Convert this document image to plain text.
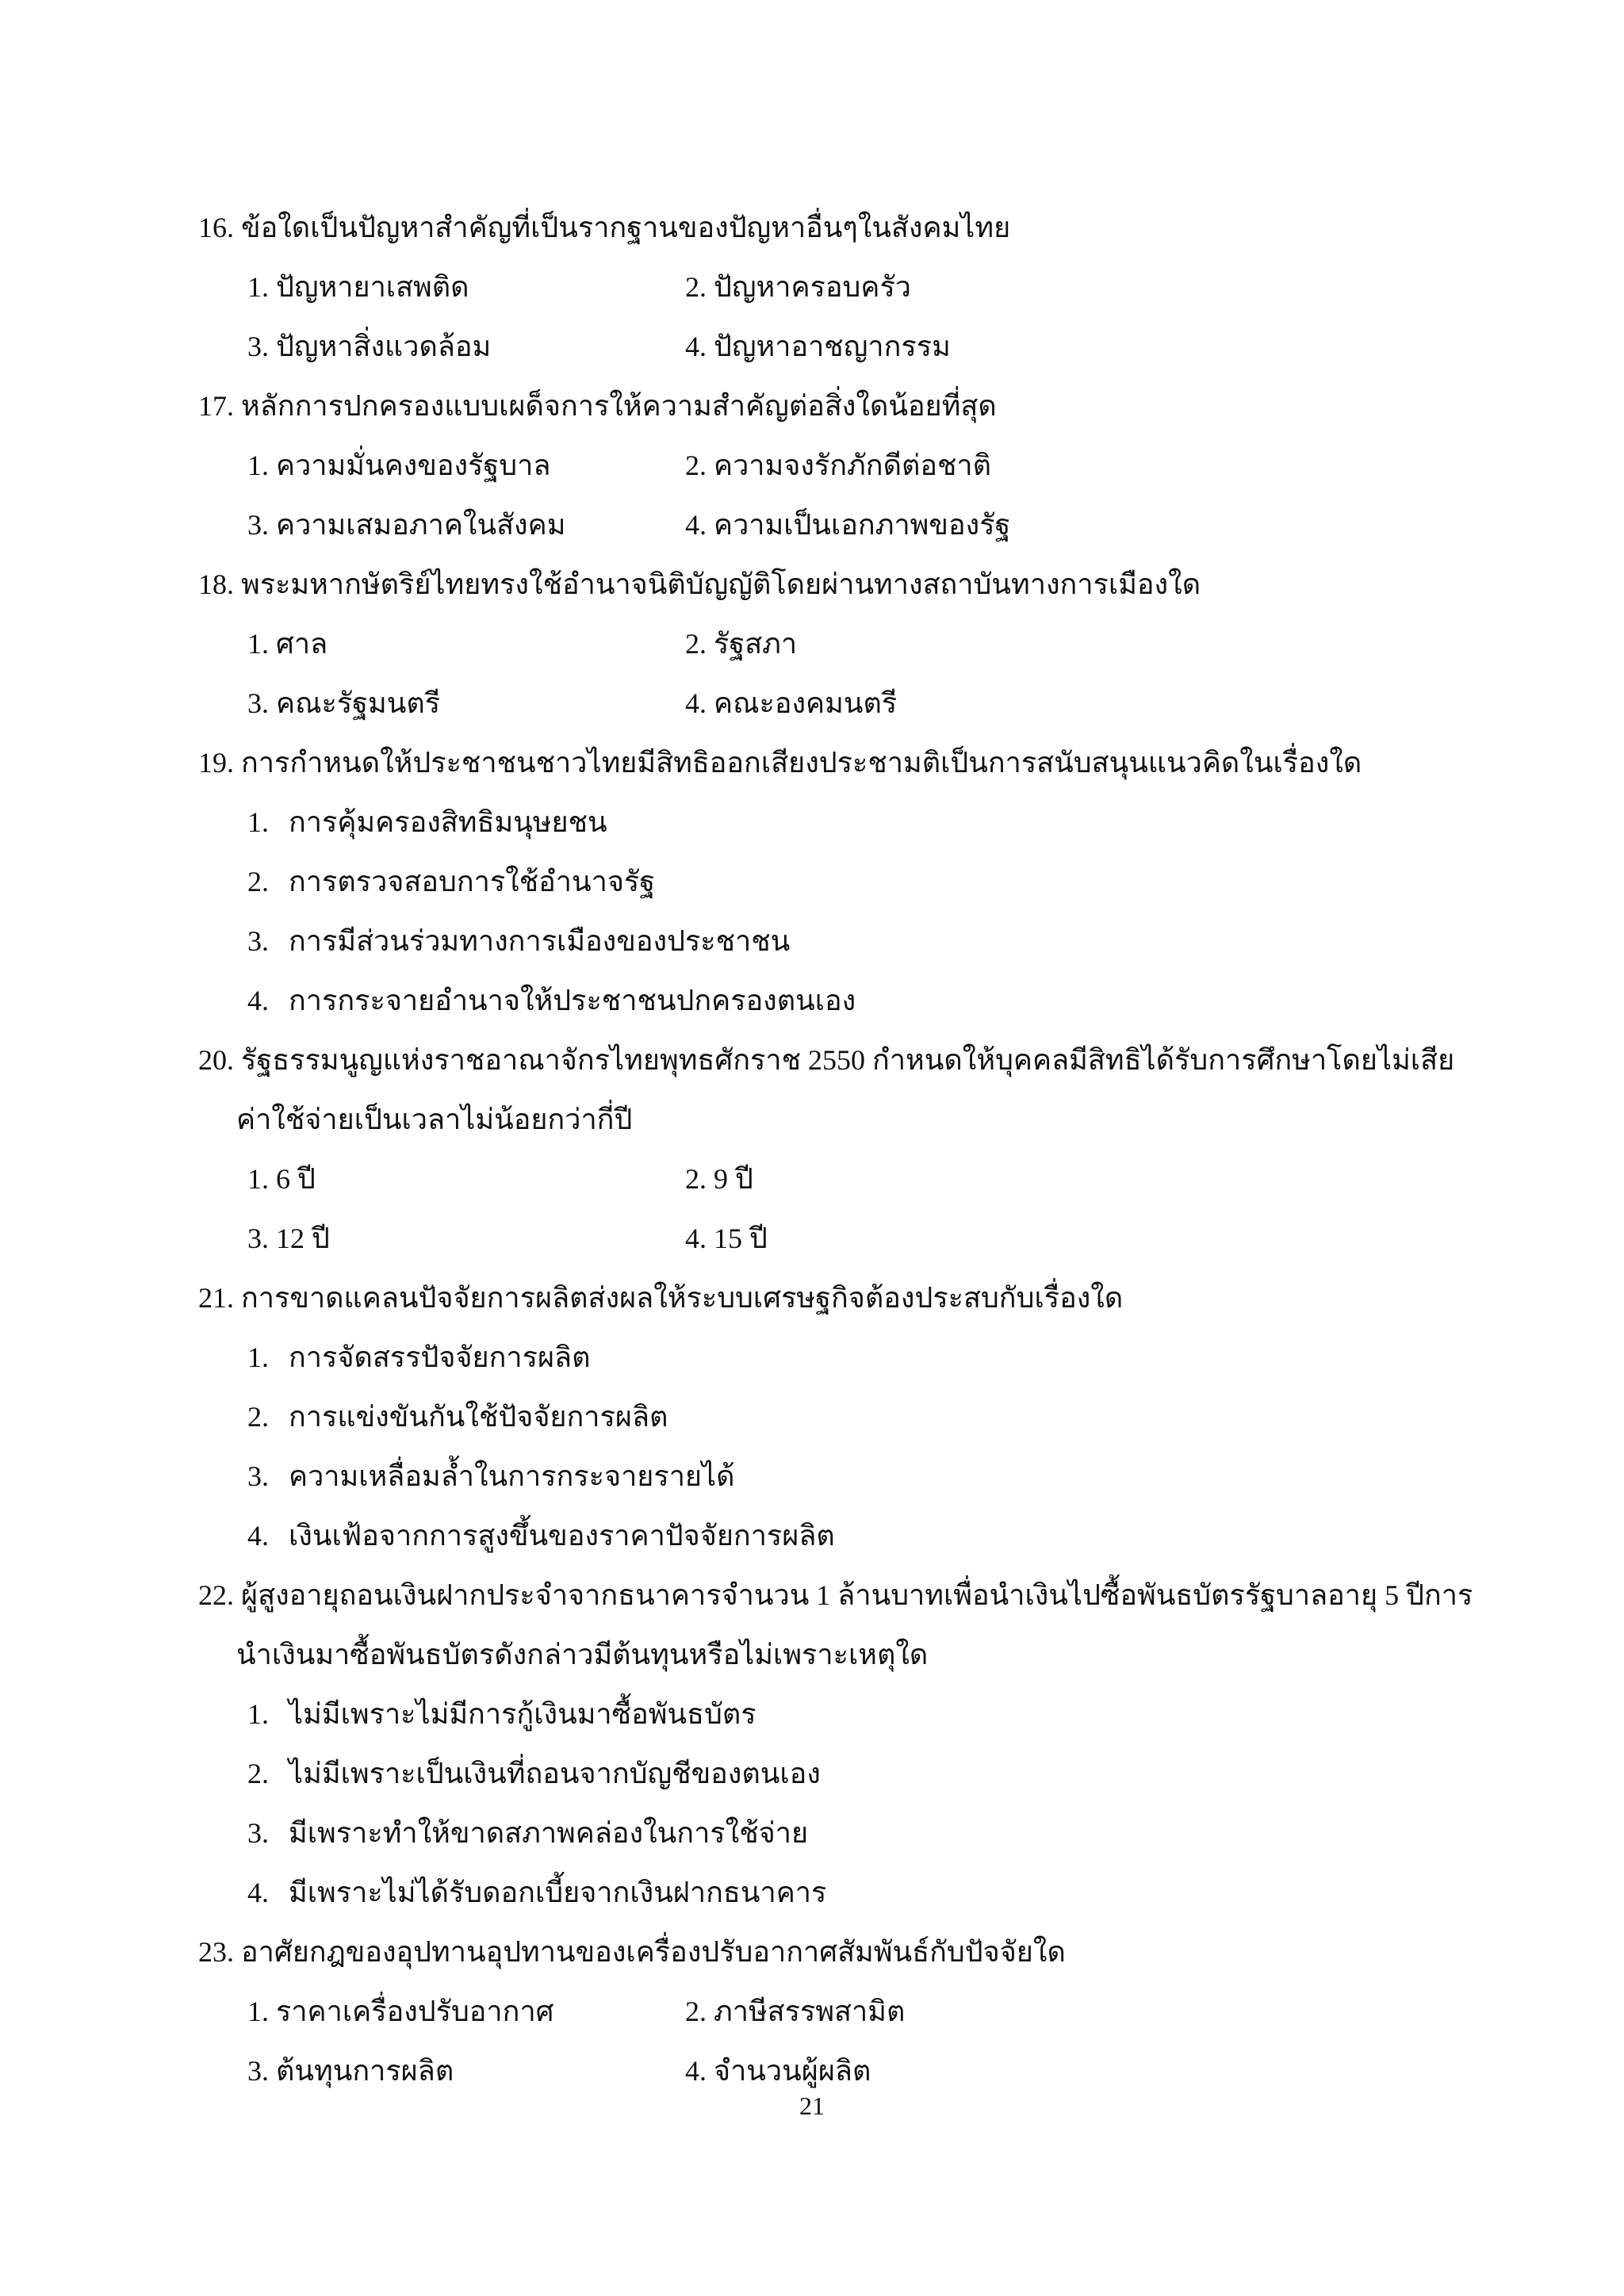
16. ข้อใดเป็นปัญหาสำคัญที่เป็นรากฐานของปัญหาอื่นๆในสังคมไทย
1. ปัญหายาเสพติด	2. ปัญหาครอบครัว
3. ปัญหาสิ่งแวดล้อม	4. ปัญหาอาชญากรรม
17. หลักการปกครองแบบเผด็จการให้ความสำคัญต่อสิ่งใดน้อยที่สุด
1. ความมั่นคงของรัฐบาล	2. ความจงรักภักดีต่อชาติ
3. ความเสมอภาคในสังคม	4. ความเป็นเอกภาพของรัฐ
18. พระมหากษัตริย์ไทยทรงใช้อำนาจนิติบัญญัติโดยผ่านทางสถาบันทางการเมืองใด
1. ศาล	2. รัฐสภา
3. คณะรัฐมนตรี	4. คณะองคมนตรี
19. การกำหนดให้ประชาชนชาวไทยมีสิทธิออกเสียงประชามติเป็นการสนับสนุนแนวคิดในเรื่องใด
1. การคุ้มครองสิทธิมนุษยชน
2. การตรวจสอบการใช้อำนาจรัฐ
3. การมีส่วนร่วมทางการเมืองของประชาชน
4. การกระจายอำนาจให้ประชาชนปกครองตนเอง
20. รัฐธรรมนูญแห่งราชอาณาจักรไทยพุทธศักราช 2550 กำหนดให้บุคคลมีสิทธิได้รับการศึกษาโดยไม่เสีย
ค่าใช้จ่ายเป็นเวลาไม่น้อยกว่ากี่ปี
1. 6 ปี	2. 9 ปี
3. 12 ปี	4. 15 ปี
21. การขาดแคลนปัจจัยการผลิตส่งผลให้ระบบเศรษฐกิจต้องประสบกับเรื่องใด
1. การจัดสรรปัจจัยการผลิต
2. การแข่งขันกันใช้ปัจจัยการผลิต
3. ความเหลื่อมล้ำในการกระจายรายได้
4. เงินเฟ้อจากการสูงขึ้นของราคาปัจจัยการผลิต
22. ผู้สูงอายุถอนเงินฝากประจำจากธนาคารจำนวน 1 ล้านบาทเพื่อนำเงินไปซื้อพันธบัตรรัฐบาลอายุ 5 ปีการ
นำเงินมาซื้อพันธบัตรดังกล่าวมีต้นทุนหรือไม่เพราะเหตุใด
1. ไม่มีเพราะไม่มีการกู้เงินมาซื้อพันธบัตร
2. ไม่มีเพราะเป็นเงินที่ถอนจากบัญชีของตนเอง
3. มีเพราะทำให้ขาดสภาพคล่องในการใช้จ่าย
4. มีเพราะไม่ได้รับดอกเบี้ยจากเงินฝากธนาคาร
23. อาศัยกฎของอุปทานอุปทานของเครื่องปรับอากาศสัมพันธ์กับปัจจัยใด
1. ราคาเครื่องปรับอากาศ	2. ภาษีสรรพสามิต
3. ต้นทุนการผลิต	4. จำนวนผู้ผลิต
21
